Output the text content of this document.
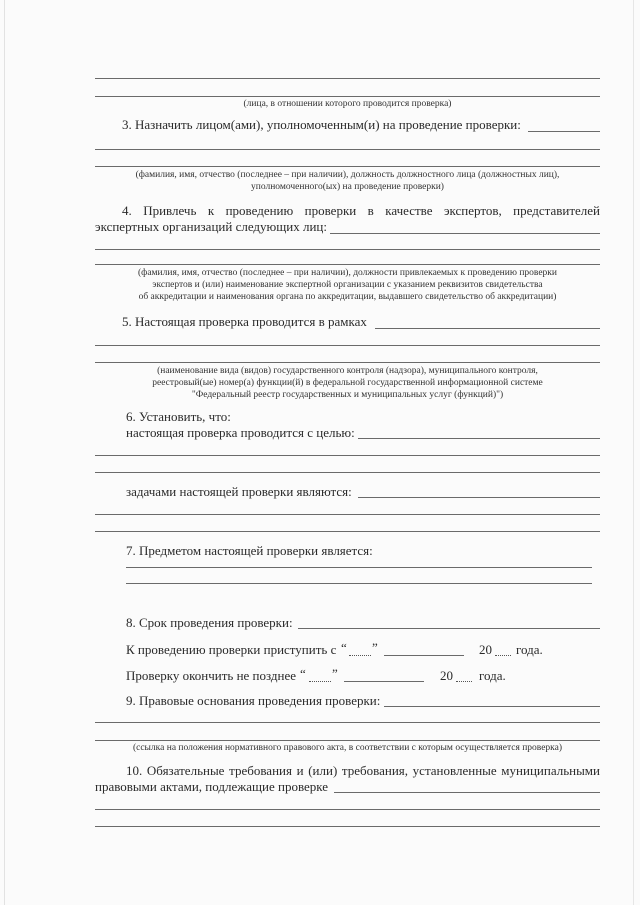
(лица, в отношении которого проводится проверка)
3. Назначить лицом(ами), уполномоченным(и) на проведение проверки:
(фамилия, имя, отчество (последнее – при наличии), должность должностного лица (должностных лиц),
уполномоченного(ых) на проведение проверки)
4. Привлечь к проведению проверки в качестве экспертов, представителей
экспертных организаций следующих лиц:
(фамилия, имя, отчество (последнее – при наличии), должности привлекаемых к проведению проверки
экспертов и (или) наименование экспертной организации с указанием реквизитов свидетельства
об аккредитации и наименования органа по аккредитации, выдавшего свидетельство об аккредитации)
5. Настоящая проверка проводится в рамках
(наименование вида (видов) государственного контроля (надзора), муниципального контроля,
реестровый(ые) номер(а) функции(й) в федеральной государственной информационной системе
"Федеральный реестр государственных и муниципальных услуг (функций)")
6. Установить, что:
настоящая проверка проводится с целью:
задачами настоящей проверки являются:
7. Предметом настоящей проверки является:
8. Срок проведения проверки:
К проведению проверки приступить с “ ”	20 года.
Проверку окончить не позднее “ ”	20 года.
9. Правовые основания проведения проверки:
(ссылка на положения нормативного правового акта, в соответствии с которым осуществляется проверка)
10. Обязательные требования и (или) требования, установленные муниципальными
правовыми актами, подлежащие проверке
